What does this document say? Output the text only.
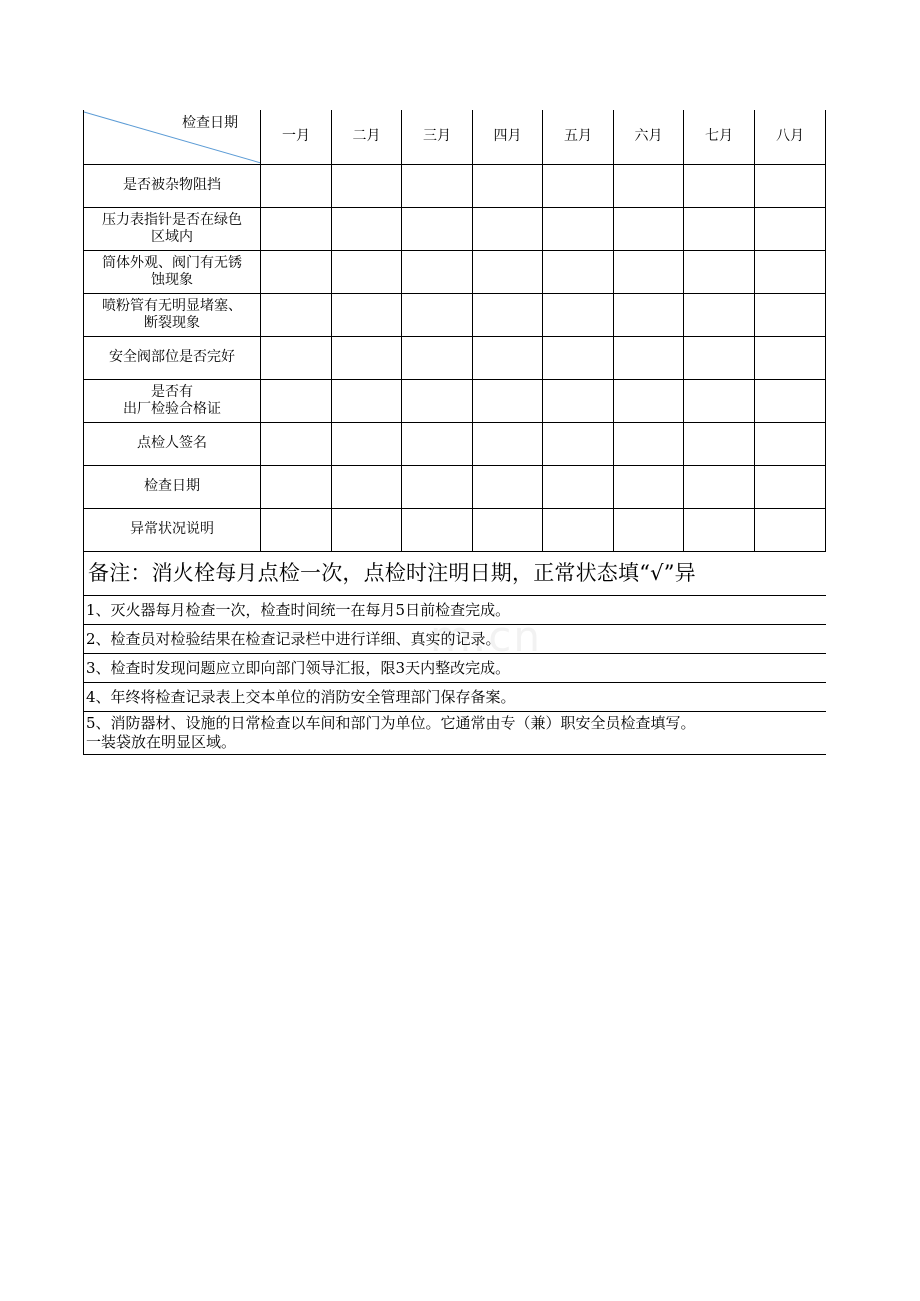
m.cn
检查日期	一月	二月	三月	四月	五月	六月	七月	八月

是否被杂物阻挡								

压力表指针是否在绿色
区域内								

筒体外观、阀门有无锈
蚀现象								

喷粉管有无明显堵塞、
断裂现象								

安全阀部位是否完好								

是否有
出厂检验合格证								

点检人签名								

检查日期								

异常状况说明								

备注：消火栓每月点检一次，点检时注明日期，正常状态填“√”异
1、灭火器每月检查一次，检查时间统一在每月5日前检查完成。
2、检查员对检验结果在检查记录栏中进行详细、真实的记录。
3、检查时发现问题应立即向部门领导汇报，限3天内整改完成。
4、年终将检查记录表上交本单位的消防安全管理部门保存备案。
5、消防器材、设施的日常检查以车间和部门为单位。它通常由专（兼）职安全员检查填写。
一装袋放在明显区域。
